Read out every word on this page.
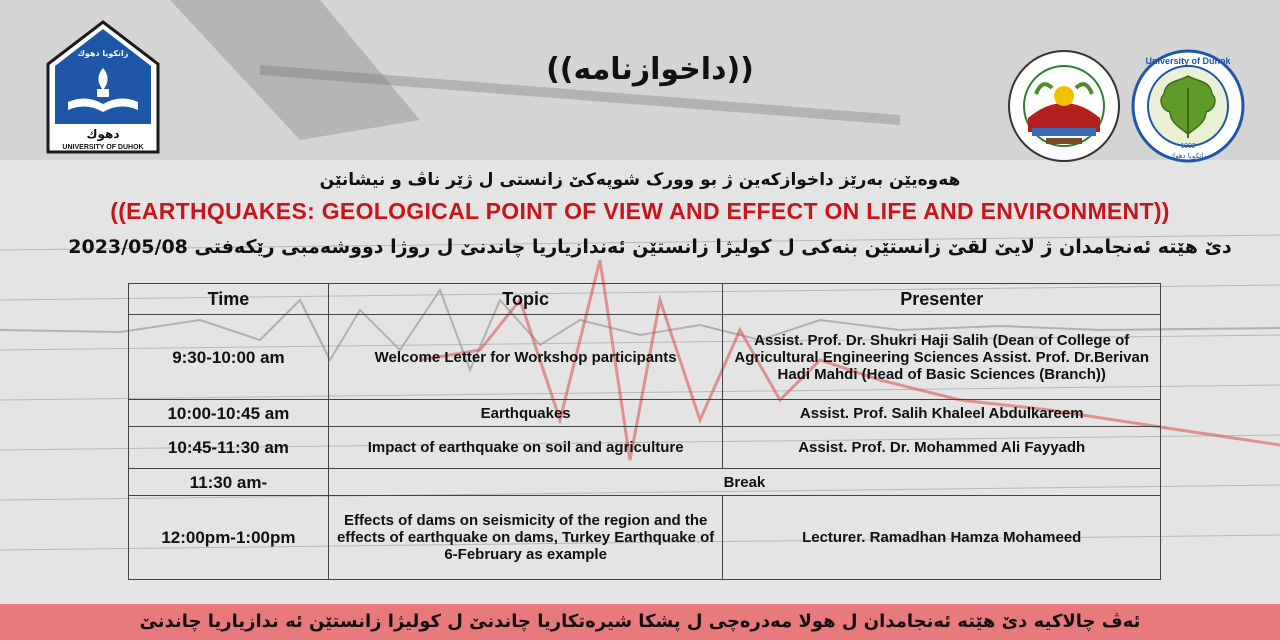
زانكویا دهوك
دهوك
UNIVERSITY OF DUHOK
University of Duhok
1992
زانكویا دهوك
((داخوازنامه))
هەوەیێن بەرێز داخوازکەین ژ بو وورک شوپەکێ زانستی ل ژێر ناڤ و نیشانێن
((EARTHQUAKES: GEOLOGICAL POINT OF VIEW AND EFFECT ON LIFE AND ENVIRONMENT))
دێ هێتە ئەنجامدان ژ لایێ لقێ زانستێن بنەکی ل کولیژا زانستێن ئەندازیاریا چاندنێ ل روژا دووشەمبی رێکەفتی 2023/05/08
Time	Topic	Presenter
9:30-10:00 am	Welcome Letter for Workshop participants	Assist. Prof. Dr. Shukri Haji Salih (Dean of College of Agricultural Engineering Sciences Assist. Prof. Dr.Berivan Hadi Mahdi (Head of Basic Sciences (Branch))
10:00-10:45 am	Earthquakes	Assist. Prof. Salih Khaleel Abdulkareem
10:45-11:30 am	Impact of earthquake on soil and agriculture	Assist. Prof. Dr. Mohammed Ali Fayyadh
11:30 am-	Break	
12:00pm-1:00pm	Effects of dams on seismicity of the region and the effects of earthquake on dams, Turkey Earthquake of 6-February as example	Lecturer. Ramadhan Hamza Mohameed
ئەڤ چالاکیە دێ هێتە ئەنجامدان ل هولا مەدرەچی ل پشکا شیرەتکاریا چاندنێ ل کولیژا زانستێن ئە ندازیاریا چاندنێ
